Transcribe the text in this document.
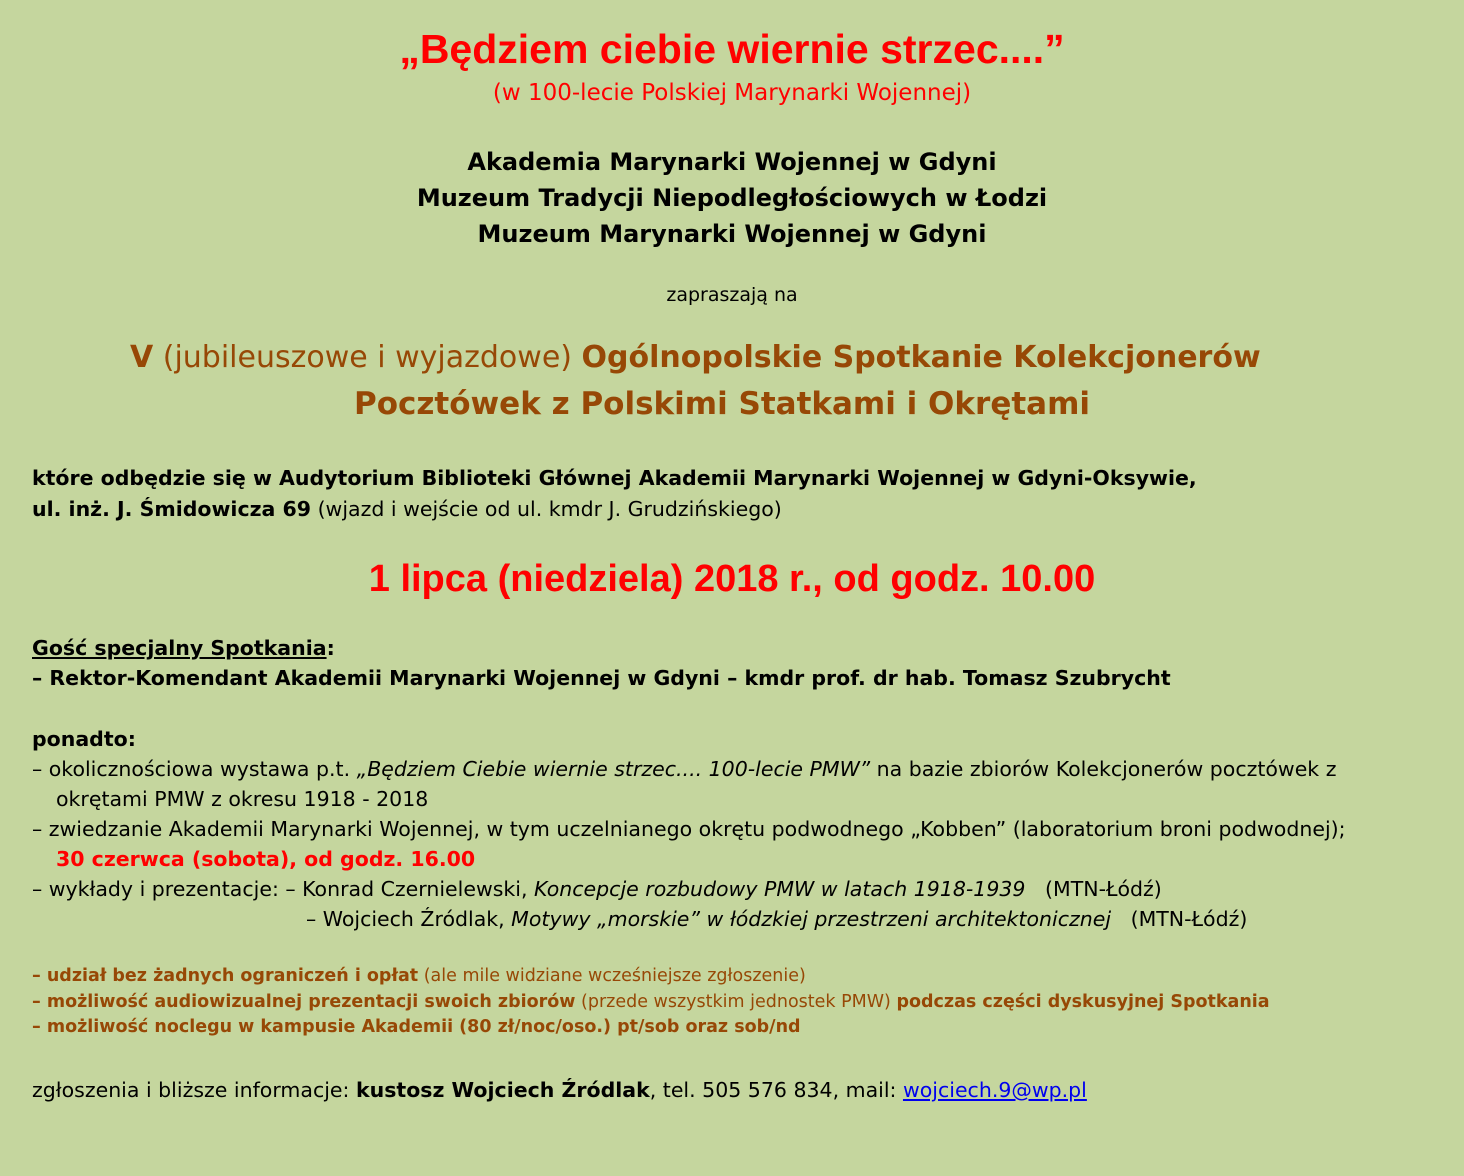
„Będziem ciebie wiernie strzec....”
(w 100-lecie Polskiej Marynarki Wojennej)
Akademia Marynarki Wojennej w Gdyni
Muzeum Tradycji Niepodległościowych w Łodzi
Muzeum Marynarki Wojennej w Gdyni
zapraszają na
V (jubileuszowe i wyjazdowe) Ogólnopolskie Spotkanie Kolekcjonerów
Pocztówek z Polskimi Statkami i Okrętami
które odbędzie się w Audytorium Biblioteki Głównej Akademii Marynarki Wojennej w Gdyni-Oksywie,
ul. inż. J. Śmidowicza 69 (wjazd i wejście od ul. kmdr J. Grudzińskiego)
1 lipca (niedziela) 2018 r., od godz. 10.00
Gość specjalny Spotkania:
– Rektor-Komendant Akademii Marynarki Wojennej w Gdyni – kmdr prof. dr hab. Tomasz Szubrycht
ponadto:
– okolicznościowa wystawa p.t. „Będziem Ciebie wiernie strzec.... 100-lecie PMW” na bazie zbiorów Kolekcjonerów pocztówek z
okrętami PMW z okresu 1918 - 2018
– zwiedzanie Akademii Marynarki Wojennej, w tym uczelnianego okrętu podwodnego „Kobben” (laboratorium broni podwodnej);
30 czerwca (sobota), od godz. 16.00
– wykłady i prezentacje: – Konrad Czernielewski, Koncepcje rozbudowy PMW w latach 1918-1939   (MTN-Łódź)
– Wojciech Źródlak, Motywy „morskie” w łódzkiej przestrzeni architektonicznej   (MTN-Łódź)
– udział bez żadnych ograniczeń i opłat (ale mile widziane wcześniejsze zgłoszenie)
– możliwość audiowizualnej prezentacji swoich zbiorów (przede wszystkim jednostek PMW) podczas części dyskusyjnej Spotkania
– możliwość noclegu w kampusie Akademii (80 zł/noc/oso.) pt/sob oraz sob/nd
zgłoszenia i bliższe informacje: kustosz Wojciech Źródlak, tel. 505 576 834, mail: wojciech.9@wp.pl
